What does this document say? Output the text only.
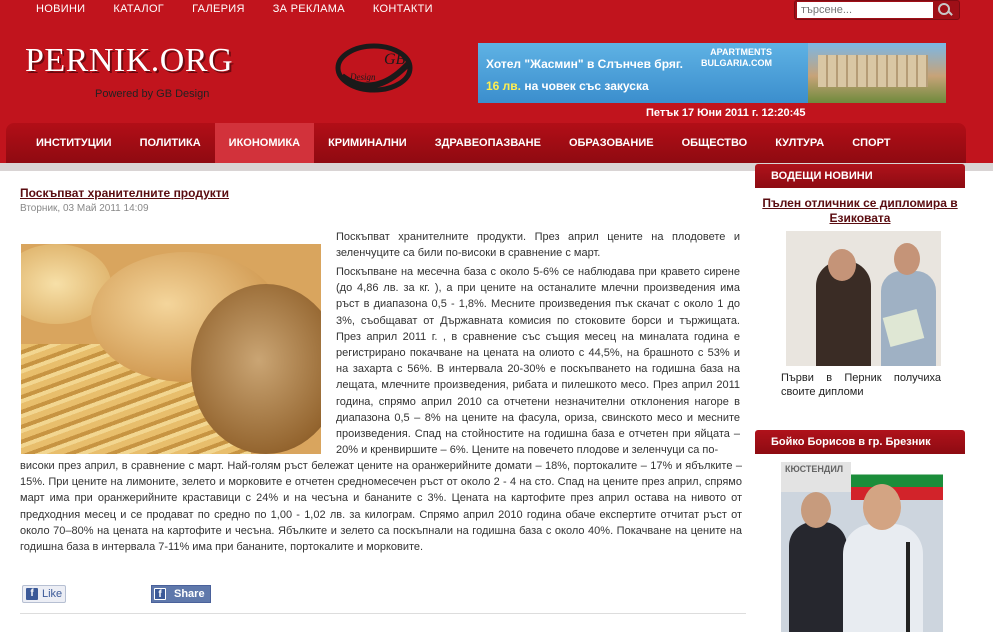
НОВИНИ	КАТАЛОГ	ГАЛЕРИЯ	ЗА РЕКЛАМА	КОНТАКТИ
търсене...
PERNIK.ORG
Powered by GB Design
GB
Design
Хотел "Жасмин" в Слънчев бряг.
16 лв. на човек със закуска
APARTMENTS
BULGARIA.COM
Петък 17 Юни 2011 г. 12:20:45
ИНСТИТУЦИИ	ПОЛИТИКА	ИКОНОМИКА	КРИМИНАЛНИ	ЗДРАВЕОПАЗВАНЕ	ОБРАЗОВАНИЕ	ОБЩЕСТВО	КУЛТУРА	СПОРТ
Поскъпват хранителните продукти
Вторник, 03 Май 2011 14:09

Поскъпват хранителните продукти. През април цените на плодовете и зеленчуците са били по-високи в сравнение с март.

Поскъпване на месечна база с около 5-6% се наблюдава при кравето сирене (до 4,86 лв. за кг. ), а при цените на останалите млечни произведения има ръст в диапазона 0,5 - 1,8%. Месните произведения пък скачат с около 1 до 3%, съобщават от Държавната комисия по стоковите борси и тържищата. През април 2011 г. , в сравнение със същия месец на миналата година е регистрирано покачване на цената на олиото с 44,5%, на брашното с 53% и на захарта с 56%. В интервала 20-30% е поскъпването на годишна база на лещата, млечните произведения, рибата и пилешкото месо. През април 2011 година, спрямо април 2010 са отчетени незначителни отклонения нагоре в диапазона 0,5 – 8% на цените на фасула, ориза, свинското месо и месните произведения. Спад на стойностите на годишна база е отчетен при яйцата – 20% и кренвиршите – 6%. Цените на повечето плодове и зеленчуци са по-

високи през април, в сравнение с март. Най-голям ръст бележат цените на оранжерийните домати – 18%, портокалите – 17% и ябълките – 15%. При цените на лимоните, зелето и морковите е отчетен средномесечен ръст от около 2 - 4 на сто. Спад на цените през април, спрямо март има при оранжерийните краставици с 24% и на чесъна и бананите с 3%. Цената на картофите през април остава на нивото от предходния месец и се продават по средно по 1,00 - 1,02 лв. за килограм. Спрямо април 2010 година обаче експертите отчитат ръст от около 70–80% на цената на картофите и чесъна. Ябълките и зелето са поскъпнали на годишна база с около 40%. Покачване на цените на годишна база в интервала 7-11% има при бананите, портокалите и морковите.

f Like	f	Share
ВОДЕЩИ НОВИНИ
Пълен отличник се дипломира в Езиковата
Първи в Перник получиха своите дипломи
Бойко Борисов в гр. Брезник
КЮСТЕНДИЛ
